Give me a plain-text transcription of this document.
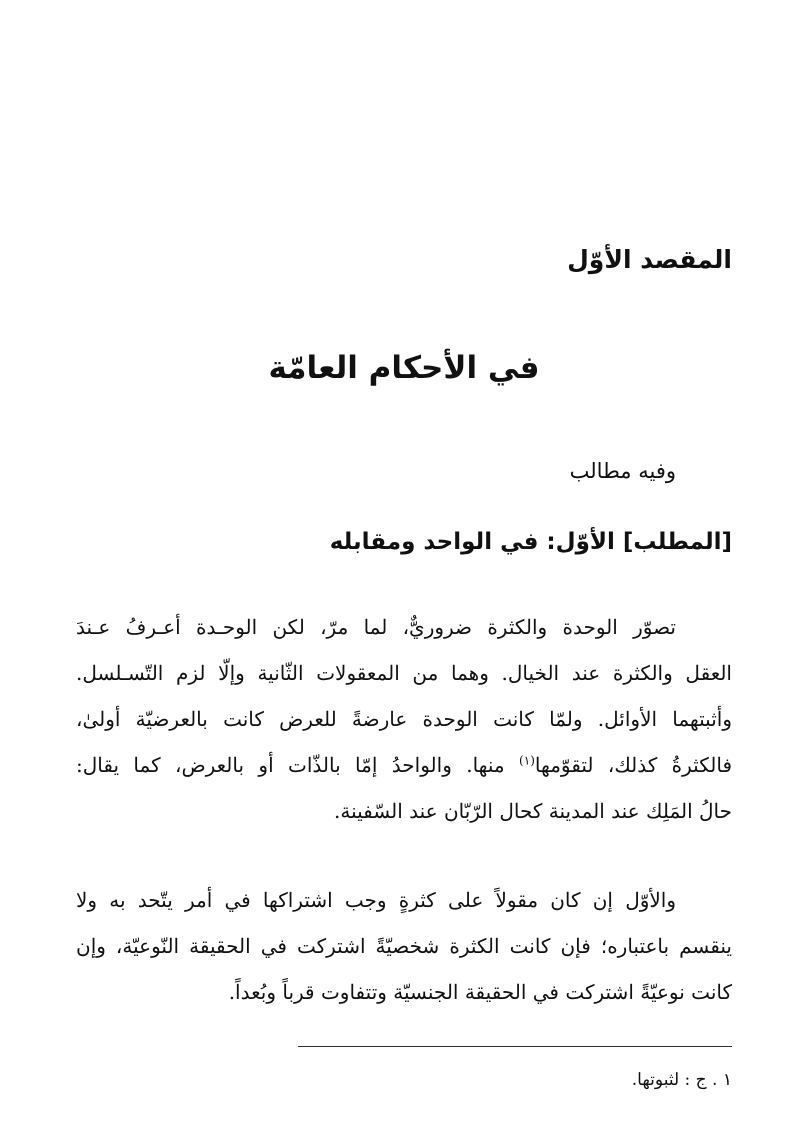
المقصد الأوّل
في الأحكام العامّة
وفيه مطالب
[المطلب] الأوّل: في الواحد ومقابله
تصوّر الوحدة والكثرة ضروريٌّ، لما مرّ، لكن الوحـدة أعـرفُ عـندَ
العقل والكثرة عند الخيال. وهما من المعقولات الثّانية وإلّا لزم التّسـلسل.
وأثبتهما الأوائل. ولمّا كانت الوحدة عارضةً للعرض كانت بالعرضيّة أولىٰ،
فالكثرةُ كذلك، لتقوّمها$^{(١)}$ منها. والواحدُ إمّا بالذّات أو بالعرض، كما يقال:
حالُ المَلِك عند المدينة كحال الرّبّان عند السّفينة.
والأوّل إن كان مقولاً على كثرةٍ وجب اشتراكها في أمر يتّحد به ولا
ينقسم باعتباره؛ فإن كانت الكثرة شخصيّةً اشتركت في الحقيقة النّوعيّة، وإن
كانت نوعيّةً اشتركت في الحقيقة الجنسيّة وتتفاوت قرباً وبُعداً.
١ . ج : لثبوتها.
